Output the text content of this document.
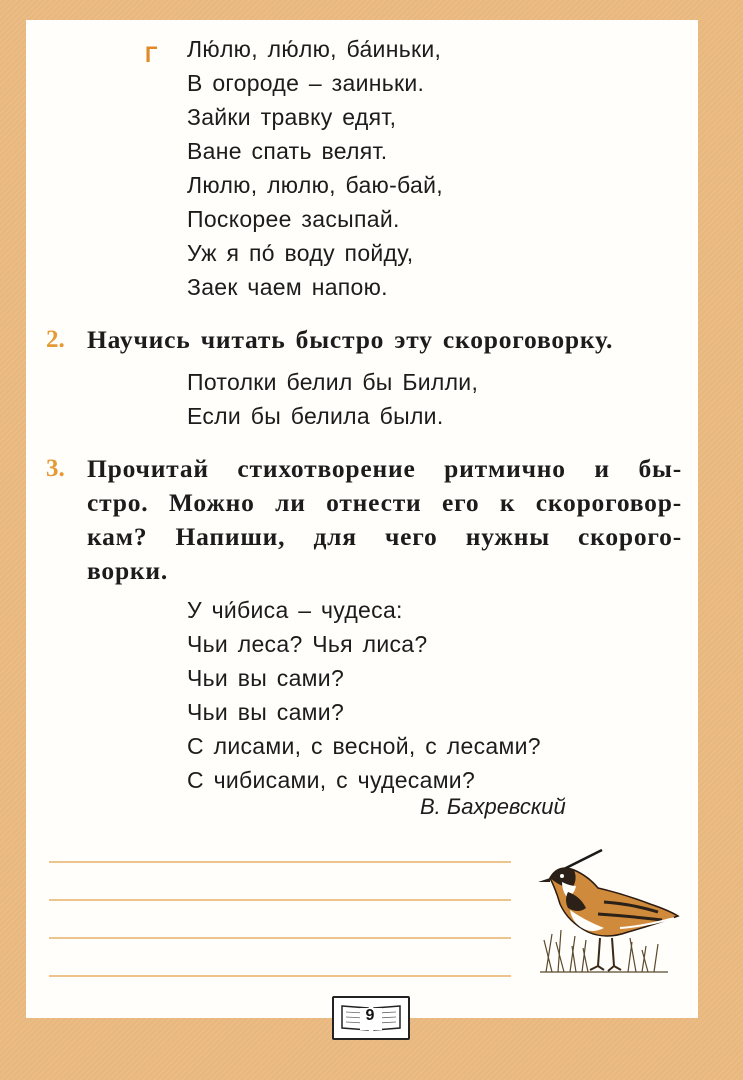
Г Лю́лю, лю́лю, ба́иньки,
В огороде – заиньки.
Зайки травку едят,
Ване спать велят.
Люлю, люлю, баю-бай,
Поскорее засыпай.
Уж я по́ воду пойду,
Заек чаем напою.
2. Научись читать быстро эту скороговорку.
Потолки белил бы Билли,
Если бы белила были.
3. Прочитай стихотворение ритмично и бы-
стро. Можно ли отнести его к скороговор-
кам? Напиши, для чего нужны скорого-
ворки.
У чи́биса – чудеса:
Чьи леса? Чья лиса?
Чьи вы сами?
Чьи вы сами?
С лисами, с весной, с лесами?
С чибисами, с чудесами?
В. Бахревский
9
